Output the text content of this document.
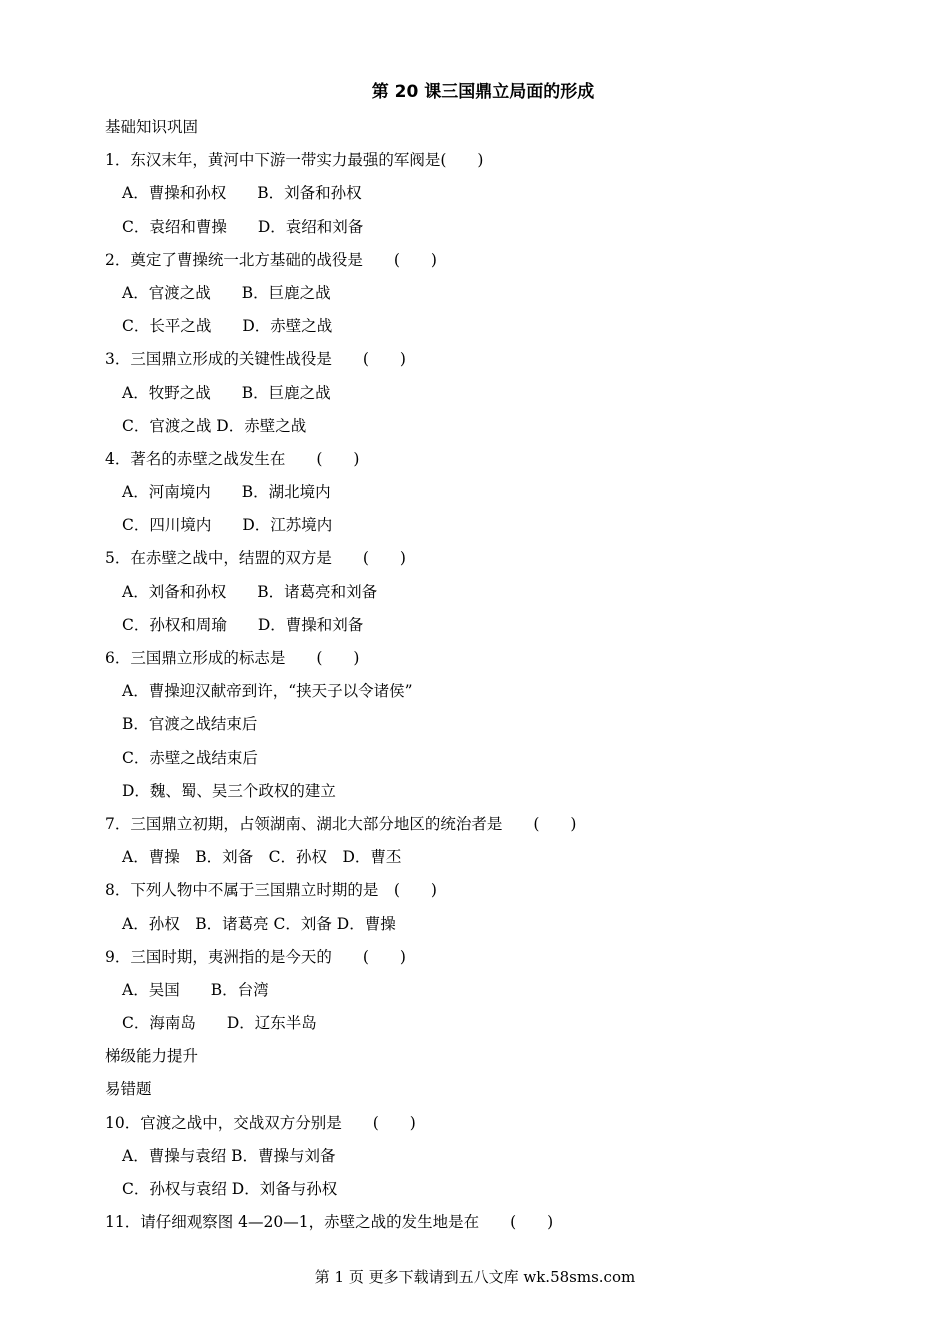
第 20 课三国鼎立局面的形成
基础知识巩固
1．东汉末年，黄河中下游一带实力最强的军阀是(　　)
A．曹操和孙权　　B．刘备和孙权
C．袁绍和曹操　　D．袁绍和刘备
2．奠定了曹操统一北方基础的战役是　　(　　)
A．官渡之战　　B．巨鹿之战
C．长平之战　　D．赤壁之战
3．三国鼎立形成的关键性战役是　　(　　)
A．牧野之战　　B．巨鹿之战
C．官渡之战 D．赤壁之战
4．著名的赤壁之战发生在　　(　　)
A．河南境内　　B．湖北境内
C．四川境内　　D．江苏境内
5．在赤壁之战中，结盟的双方是　　(　　)
A．刘备和孙权　　B．诸葛亮和刘备
C．孙权和周瑜　　D．曹操和刘备
6．三国鼎立形成的标志是　　(　　)
A．曹操迎汉献帝到许，“挟天子以令诸侯”
B．官渡之战结束后
C．赤壁之战结束后
D．魏、蜀、吴三个政权的建立
7．三国鼎立初期，占领湖南、湖北大部分地区的统治者是　　(　　)
A．曹操　B．刘备　C．孙权　D．曹丕
8．下列人物中不属于三国鼎立时期的是　(　　)
A．孙权　B．诸葛亮 C．刘备 D．曹操
9．三国时期，夷洲指的是今天的　　(　　)
A．吴国　　B．台湾
C．海南岛　　D．辽东半岛
梯级能力提升
易错题
10．官渡之战中，交战双方分别是　　(　　)
A．曹操与袁绍 B．曹操与刘备
C．孙权与袁绍 D．刘备与孙权
11．请仔细观察图 4—20—1，赤壁之战的发生地是在　　(　　)
第 1 页 更多下载请到五八文库 wk.58sms.com
